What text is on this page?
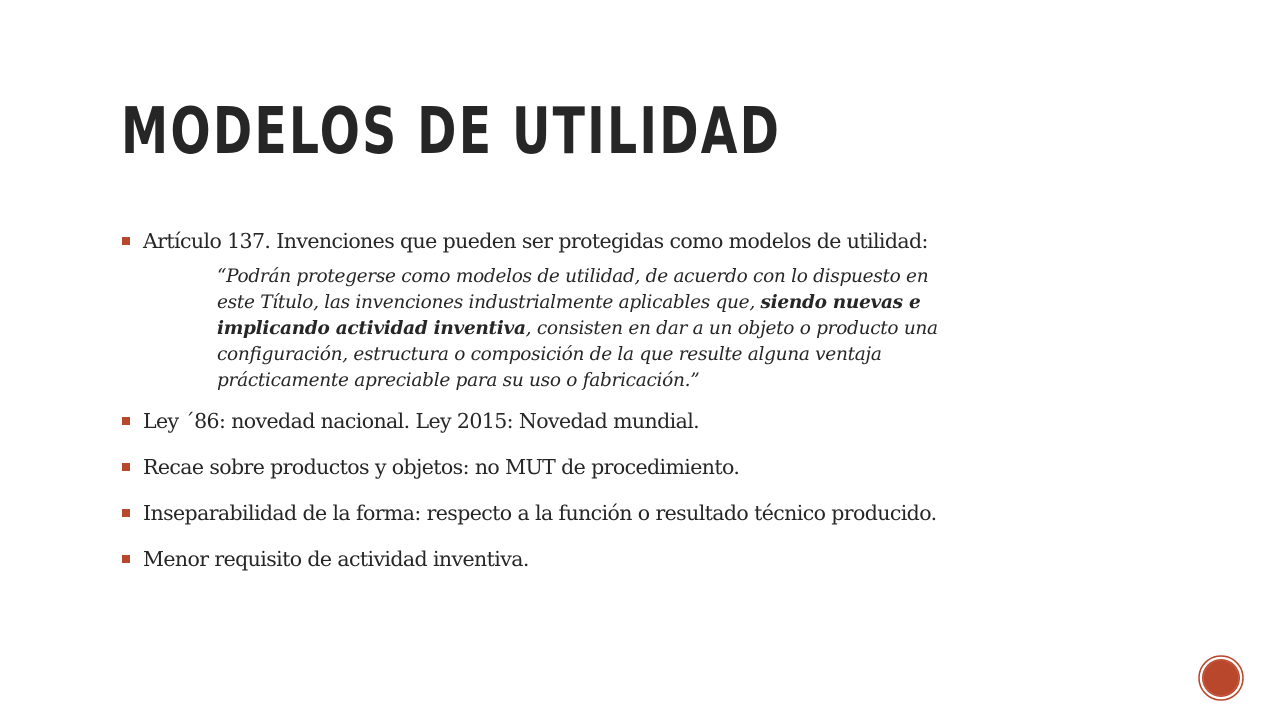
MODELOS DE UTILIDAD
Artículo 137. Invenciones que pueden ser protegidas como modelos de utilidad:
“Podrán protegerse como modelos de utilidad, de acuerdo con lo dispuesto en
este Título, las invenciones industrialmente aplicables que, siendo nuevas e
implicando actividad inventiva, consisten en dar a un objeto o producto una
configuración, estructura o composición de la que resulte alguna ventaja
prácticamente apreciable para su uso o fabricación.”
Ley ´86: novedad nacional. Ley 2015: Novedad mundial.
Recae sobre productos y objetos: no MUT de procedimiento.
Inseparabilidad de la forma: respecto a la función o resultado técnico producido.
Menor requisito de actividad inventiva.
